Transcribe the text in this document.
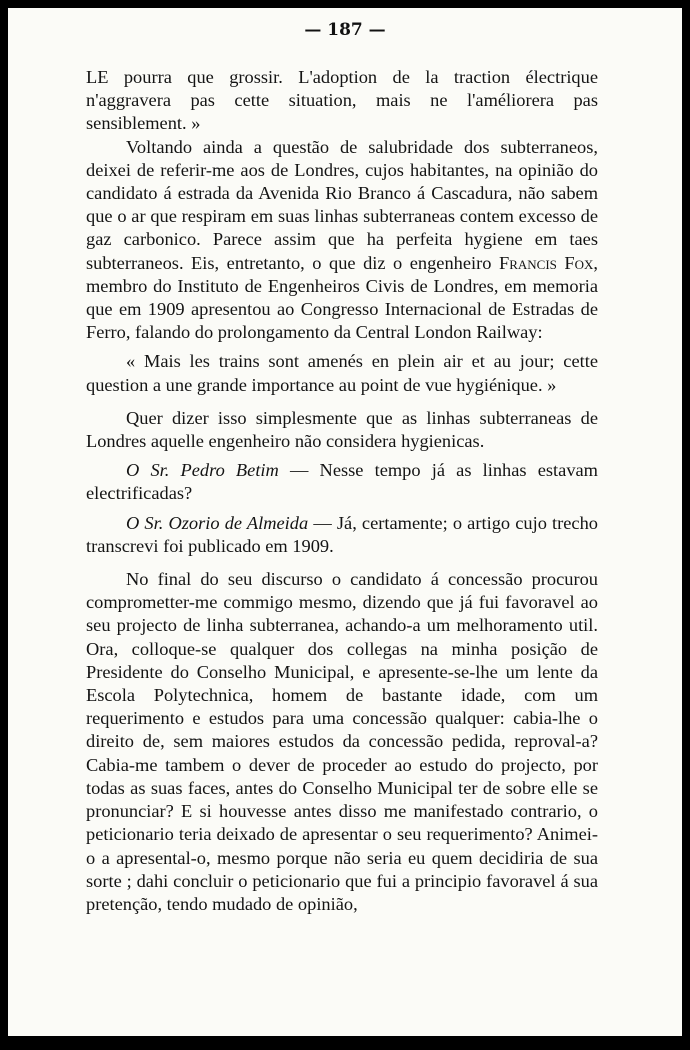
— 187 —

LE pourra que grossir. L'adoption de la traction électrique n'aggravera pas cette situation, mais ne l'améliorera pas sensiblement. »

Voltando ainda a questão de salubridade dos subterraneos, deixei de referir-me aos de Londres, cujos habitantes, na opinião do candidato á estrada da Avenida Rio Branco á Cascadura, não sabem que o ar que respiram em suas linhas subterraneas contem excesso de gaz carbonico. Parece assim que ha perfeita hygiene em taes subterraneos. Eis, entretanto, o que diz o engenheiro Francis Fox, membro do Instituto de Engenheiros Civis de Londres, em memoria que em 1909 apresentou ao Congresso Internacional de Estradas de Ferro, falando do prolongamento da Central London Railway:

« Mais les trains sont amenés en plein air et au jour; cette question a une grande importance au point de vue hygiénique. »

Quer dizer isso simplesmente que as linhas subterraneas de Londres aquelle engenheiro não considera hygienicas.

O Sr. Pedro Betim — Nesse tempo já as linhas estavam electrificadas?

O Sr. Ozorio de Almeida — Já, certamente; o artigo cujo trecho transcrevi foi publicado em 1909.

No final do seu discurso o candidato á concessão procurou comprometter-me commigo mesmo, dizendo que já fui favoravel ao seu projecto de linha subterranea, achando-a um melhoramento util. Ora, colloque-se qualquer dos collegas na minha posição de Presidente do Conselho Municipal, e apresente-se-lhe um lente da Escola Polytechnica, homem de bastante idade, com um requerimento e estudos para uma concessão qualquer: cabia-lhe o direito de, sem maiores estudos da concessão pedida, reproval-a? Cabia-me tambem o dever de proceder ao estudo do projecto, por todas as suas faces, antes do Conselho Municipal ter de sobre elle se pronunciar? E si houvesse antes disso me manifestado contrario, o peticionario teria deixado de apresentar o seu requerimento? Animei-o a apresental-o, mesmo porque não seria eu quem decidiria de sua sorte ; dahi concluir o peticionario que fui a principio favoravel á sua pretenção, tendo mudado de opinião,
